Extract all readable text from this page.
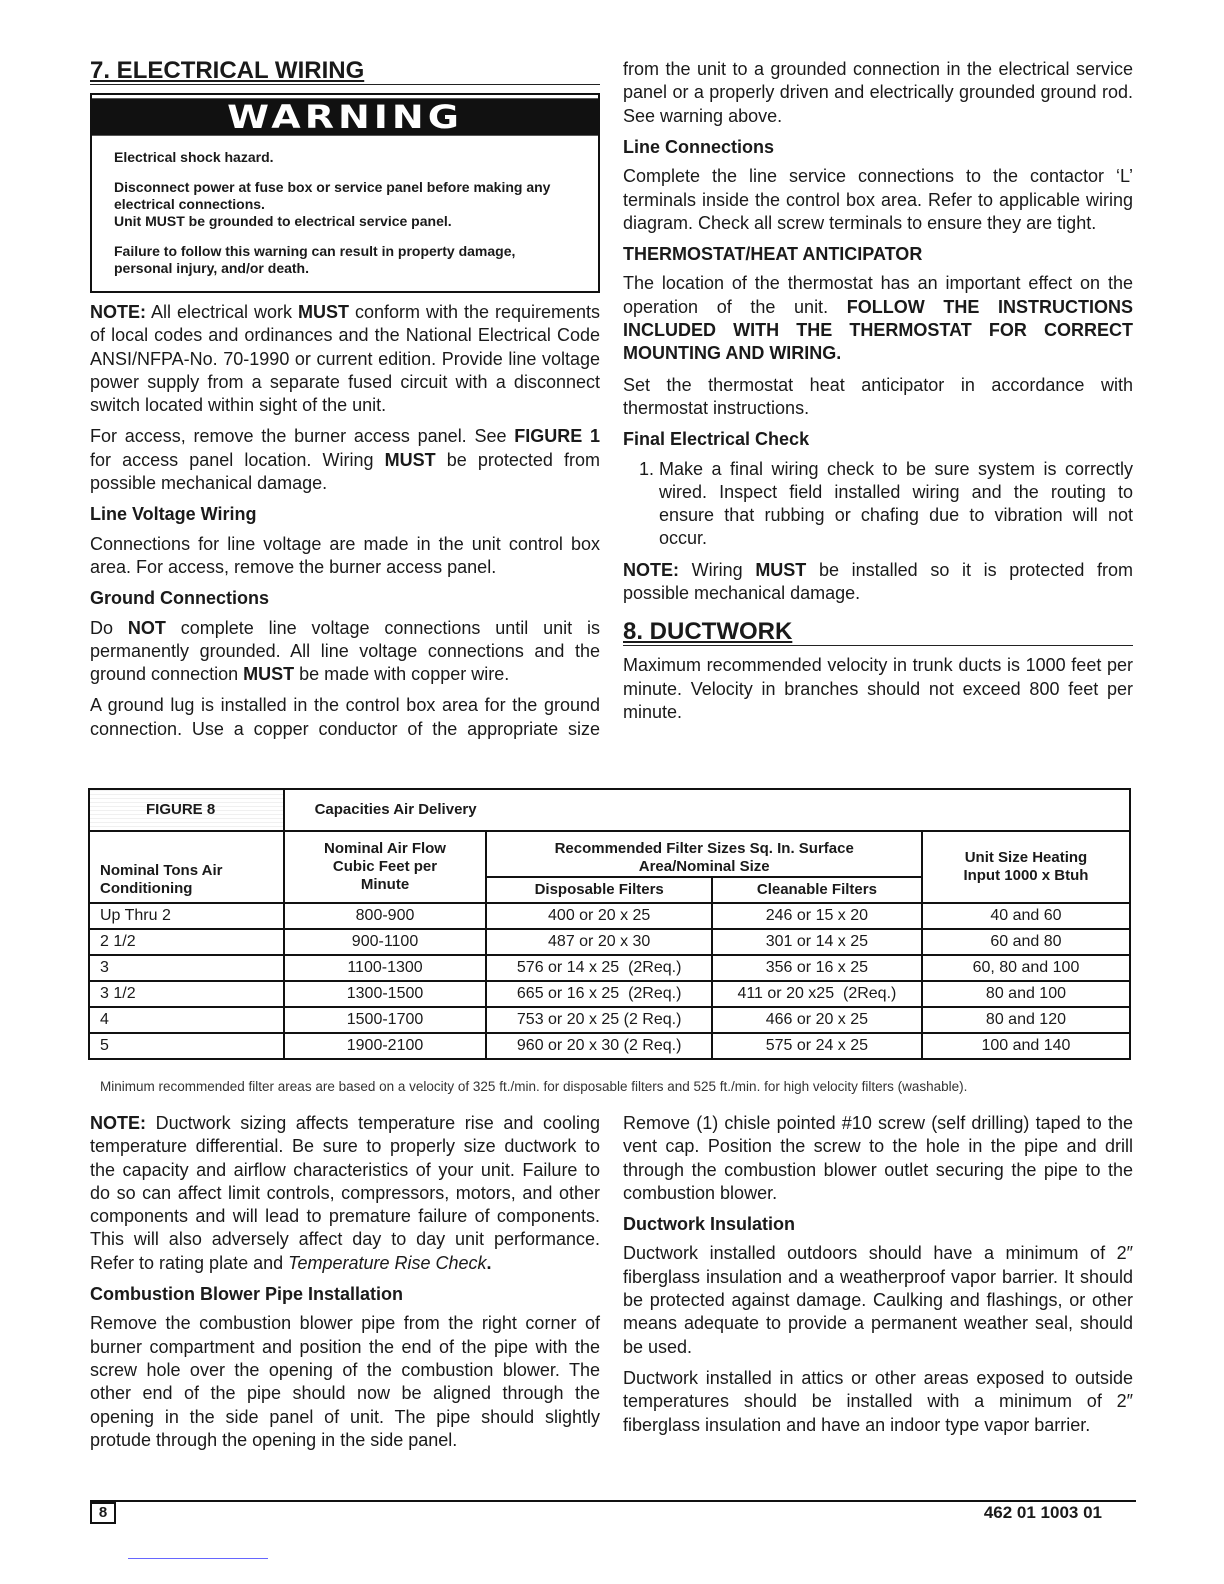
7. ELECTRICAL WIRING
WARNING

Electrical shock hazard.

Disconnect power at fuse box or service panel before making any electrical connections.
Unit MUST be grounded to electrical service panel.

Failure to follow this warning can result in property damage, personal injury, and/or death.

NOTE: All electrical work MUST conform with the requirements of local codes and ordinances and the National Electrical Code ANSI/NFPA-No. 70-1990 or current edition. Provide line voltage power supply from a separate fused circuit with a disconnect switch located within sight of the unit.

For access, remove the burner access panel. See FIGURE 1 for access panel location. Wiring MUST be protected from possible mechanical damage.

Line Voltage Wiring

Connections for line voltage are made in the unit control box area. For access, remove the burner access panel.

Ground Connections

Do NOT complete line voltage connections until unit is permanently grounded. All line voltage connections and the ground connection MUST be made with copper wire.

A ground lug is installed in the control box area for the ground connection. Use a copper conductor of the appropriate size

from the unit to a grounded connection in the electrical service panel or a properly driven and electrically grounded ground rod. See warning above.

Line Connections

Complete the line service connections to the contactor ‘L’ terminals inside the control box area. Refer to applicable wiring diagram. Check all screw terminals to ensure they are tight.

THERMOSTAT/HEAT ANTICIPATOR

The location of the thermostat has an important effect on the operation of the unit. FOLLOW THE INSTRUCTIONS INCLUDED WITH THE THERMOSTAT FOR CORRECT MOUNTING AND WIRING.

Set the thermostat heat anticipator in accordance with thermostat instructions.

Final Electrical Check
1. Make a final wiring check to be sure system is correctly wired. Inspect field installed wiring and the routing to ensure that rubbing or chafing due to vibration will not occur.

NOTE: Wiring MUST be installed so it is protected from possible mechanical damage.

8. DUCTWORK

Maximum recommended velocity in trunk ducts is 1000 feet per minute. Velocity in branches should not exceed 800 feet per minute.

FIGURE 8	Capacities Air Delivery			
Nominal Tons Air Conditioning	Nominal Air Flow Cubic Feet per Minute	Recommended Filter Sizes Sq. In. Surface Area/Nominal Size		Unit Size Heating Input 1000 x Btuh
		Disposable Filters	Cleanable Filters	
Up Thru 2	800-900	400 or 20 x 25	246 or 15 x 20	40 and 60
2 1/2	900-1100	487 or 20 x 30	301 or 14 x 25	60 and 80
3	1100-1300	576 or 14 x 25  (2Req.)	356 or 16 x 25	60, 80 and 100
3 1/2	1300-1500	665 or 16 x 25  (2Req.)	411 or 20 x25  (2Req.)	80 and 100
4	1500-1700	753 or 20 x 25 (2 Req.)	466 or 20 x 25	80 and 120
5	1900-2100	960 or 20 x 30 (2 Req.)	575 or 24 x 25	100 and 140
Minimum recommended filter areas are based on a velocity of 325 ft./min. for disposable filters and 525 ft./min. for high velocity filters (washable).

NOTE: Ductwork sizing affects temperature rise and cooling temperature differential. Be sure to properly size ductwork to the capacity and airflow characteristics of your unit. Failure to do so can affect limit controls, compressors, motors, and other components and will lead to premature failure of components. This will also adversely affect day to day unit performance. Refer to rating plate and Temperature Rise Check.

Combustion Blower Pipe Installation

Remove the combustion blower pipe from the right corner of burner compartment and position the end of the pipe with the screw hole over the opening of the combustion blower. The other end of the pipe should now be aligned through the opening in the side panel of unit. The pipe should slightly protude through the opening in the side panel.

Remove (1) chisle pointed #10 screw (self drilling) taped to the vent cap. Position the screw to the hole in the pipe and drill through the combustion blower outlet securing the pipe to the combustion blower.

Ductwork Insulation

Ductwork installed outdoors should have a minimum of 2″ fiberglass insulation and a weatherproof vapor barrier. It should be protected against damage. Caulking and flashings, or other means adequate to provide a permanent weather seal, should be used.

Ductwork installed in attics or other areas exposed to outside temperatures should be installed with a minimum of 2″ fiberglass insulation and have an indoor type vapor barrier.

8	462 01 1003 01
